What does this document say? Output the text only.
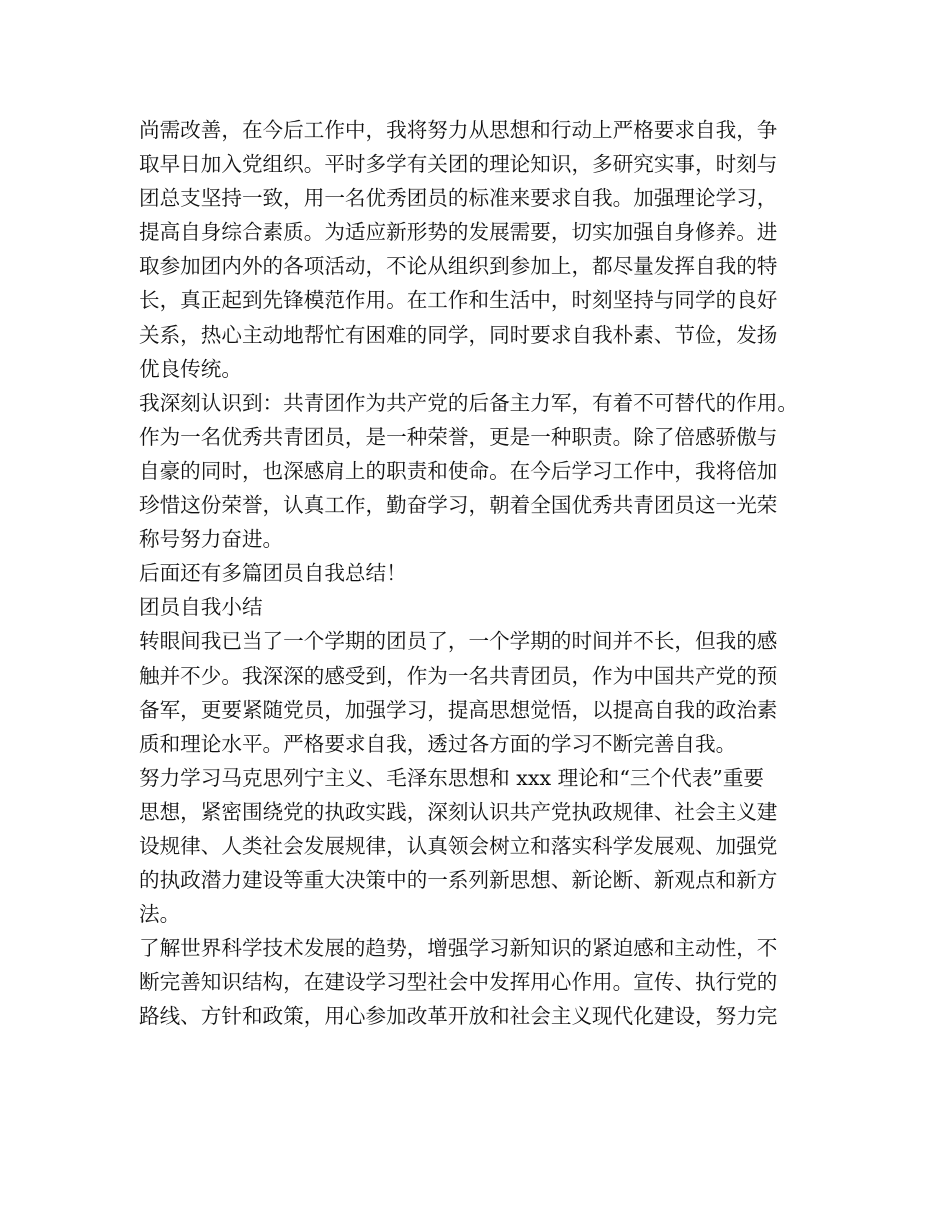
尚需改善，在今后工作中，我将努力从思想和行动上严格要求自我，争
取早日加入党组织。平时多学有关团的理论知识，多研究实事，时刻与
团总支坚持一致，用一名优秀团员的标准来要求自我。加强理论学习，
提高自身综合素质。为适应新形势的发展需要，切实加强自身修养。进
取参加团内外的各项活动，不论从组织到参加上，都尽量发挥自我的特
长，真正起到先锋模范作用。在工作和生活中，时刻坚持与同学的良好
关系，热心主动地帮忙有困难的同学，同时要求自我朴素、节俭，发扬
优良传统。
我深刻认识到：共青团作为共产党的后备主力军，有着不可替代的作用。
作为一名优秀共青团员，是一种荣誉，更是一种职责。除了倍感骄傲与
自豪的同时，也深感肩上的职责和使命。在今后学习工作中，我将倍加
珍惜这份荣誉，认真工作，勤奋学习，朝着全国优秀共青团员这一光荣
称号努力奋进。
后面还有多篇团员自我总结！
团员自我小结
转眼间我已当了一个学期的团员了，一个学期的时间并不长，但我的感
触并不少。我深深的感受到，作为一名共青团员，作为中国共产党的预
备军，更要紧随党员，加强学习，提高思想觉悟，以提高自我的政治素
质和理论水平。严格要求自我，透过各方面的学习不断完善自我。
努力学习马克思列宁主义、毛泽东思想和 xxx 理论和“三个代表”重要
思想，紧密围绕党的执政实践，深刻认识共产党执政规律、社会主义建
设规律、人类社会发展规律，认真领会树立和落实科学发展观、加强党
的执政潜力建设等重大决策中的一系列新思想、新论断、新观点和新方
法。
了解世界科学技术发展的趋势，增强学习新知识的紧迫感和主动性，不
断完善知识结构，在建设学习型社会中发挥用心作用。宣传、执行党的
路线、方针和政策，用心参加改革开放和社会主义现代化建设，努力完
